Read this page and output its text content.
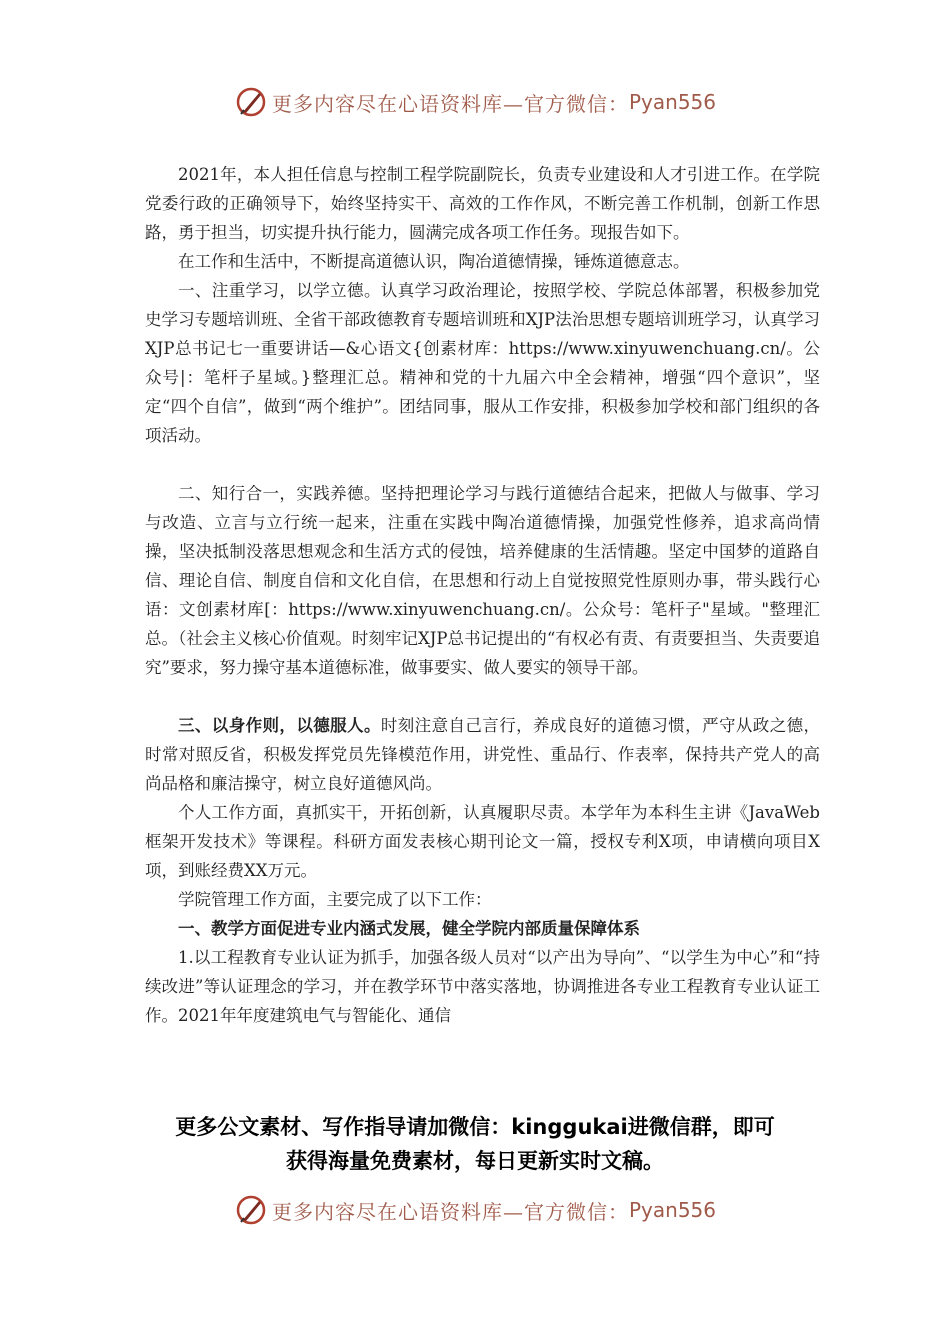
更多内容尽在心语资料库—官方微信： Pyan556

2021年，本人担任信息与控制工程学院副院长，负责专业建设和人才引进工作。在学院党委行政的正确领导下，始终坚持实干、高效的工作作风，不断完善工作机制，创新工作思路，勇于担当，切实提升执行能力，圆满完成各项工作任务。现报告如下。

在工作和生活中，不断提高道德认识，陶冶道德情操，锤炼道德意志。

一、注重学习，以学立德。认真学习政治理论，按照学校、学院总体部署，积极参加党史学习专题培训班、全省干部政德教育专题培训班和XJP法治思想专题培训班学习，认真学习XJP总书记七一重要讲话—&心语文{创素材库：https://www.xinyuwenchuang.cn/。公众号|：笔杆子星域。}整理汇总。精神和党的十九届六中全会精神，增强“四个意识”，坚定“四个自信”，做到“两个维护”。团结同事，服从工作安排，积极参加学校和部门组织的各项活动。

二、知行合一，实践养德。坚持把理论学习与践行道德结合起来，把做人与做事、学习与改造、立言与立行统一起来，注重在实践中陶冶道德情操，加强党性修养，追求高尚情操，坚决抵制没落思想观念和生活方式的侵蚀，培养健康的生活情趣。坚定中国梦的道路自信、理论自信、制度自信和文化自信，在思想和行动上自觉按照党性原则办事，带头践行心语：文创素材库[：https://www.xinyuwenchuang.cn/。公众号：笔杆子"星域。"整理汇总。（社会主义核心价值观。时刻牢记XJP总书记提出的“有权必有责、有责要担当、失责要追究”要求，努力操守基本道德标准，做事要实、做人要实的领导干部。

三、以身作则，以德服人。时刻注意自己言行，养成良好的道德习惯，严守从政之德，时常对照反省，积极发挥党员先锋模范作用，讲党性、重品行、作表率，保持共产党人的高尚品格和廉洁操守，树立良好道德风尚。

个人工作方面，真抓实干，开拓创新，认真履职尽责。本学年为本科生主讲《JavaWeb框架开发技术》等课程。科研方面发表核心期刊论文一篇，授权专利X项，申请横向项目X项，到账经费XX万元。

学院管理工作方面，主要完成了以下工作：

一、教学方面促进专业内涵式发展，健全学院内部质量保障体系

1.以工程教育专业认证为抓手，加强各级人员对“以产出为导向”、“以学生为中心”和“持续改进”等认证理念的学习，并在教学环节中落实落地，协调推进各专业工程教育专业认证工作。2021年年度建筑电气与智能化、通信

更多公文素材、写作指导请加微信：kinggukai进微信群，即可
获得海量免费素材，每日更新实时文稿。
更多内容尽在心语资料库—官方微信： Pyan556
